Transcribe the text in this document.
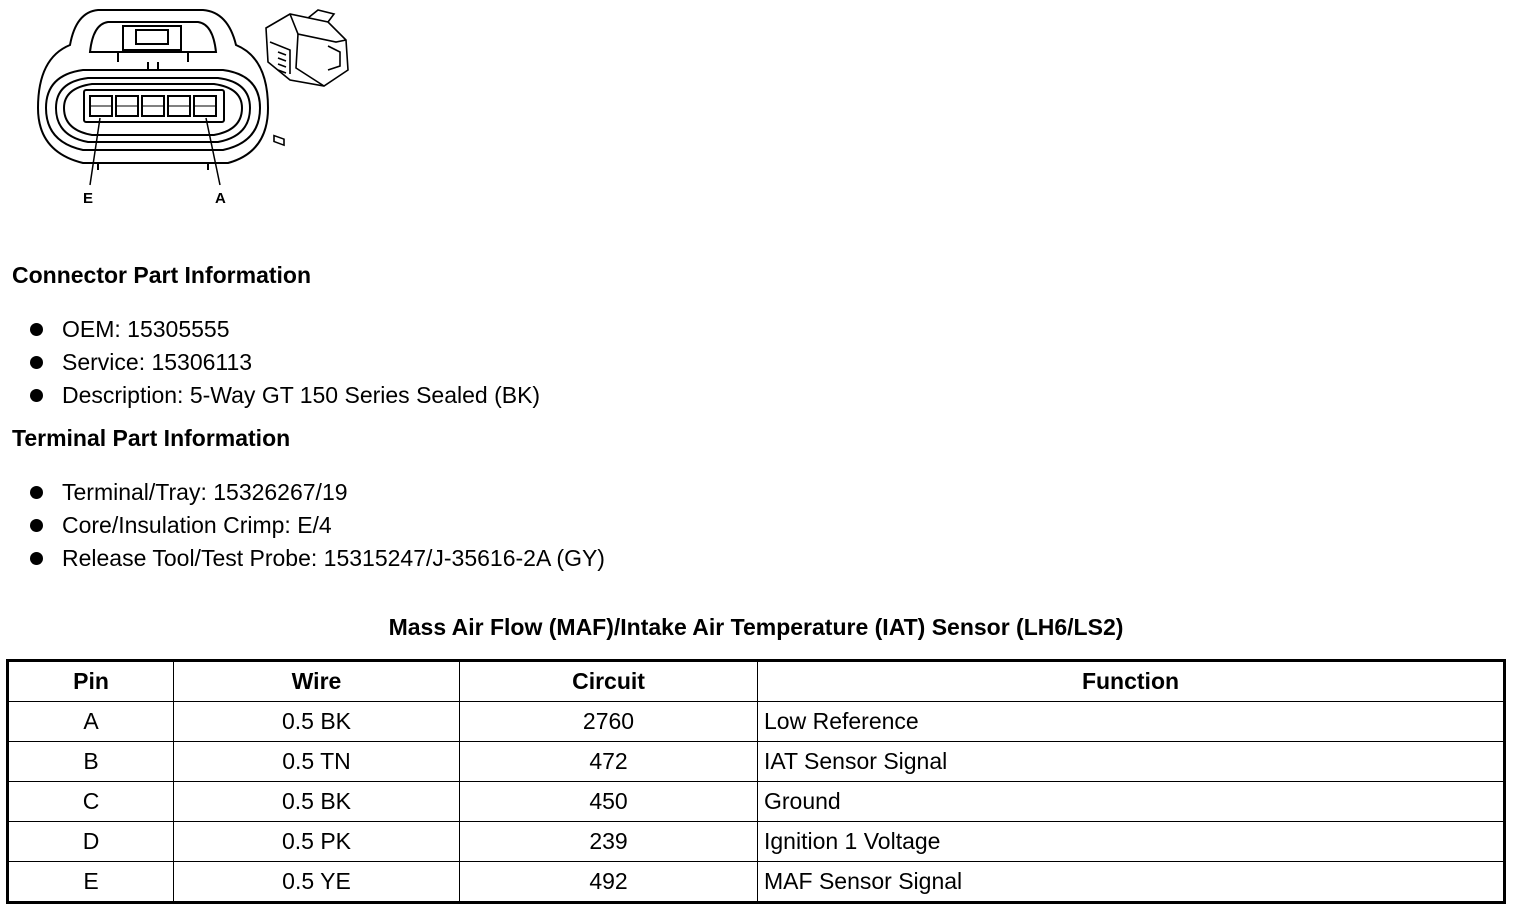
E	A
Connector Part Information
OEM: 15305555
Service: 15306113
Description: 5-Way GT 150 Series Sealed (BK)
Terminal Part Information
Terminal/Tray: 15326267/19
Core/Insulation Crimp: E/4
Release Tool/Test Probe: 15315247/J-35616-2A (GY)
Mass Air Flow (MAF)/Intake Air Temperature (IAT) Sensor (LH6/LS2)
Pin	Wire	Circuit	Function
A	0.5 BK	2760	Low Reference
B	0.5 TN	472	IAT Sensor Signal
C	0.5 BK	450	Ground
D	0.5 PK	239	Ignition 1 Voltage
E	0.5 YE	492	MAF Sensor Signal
